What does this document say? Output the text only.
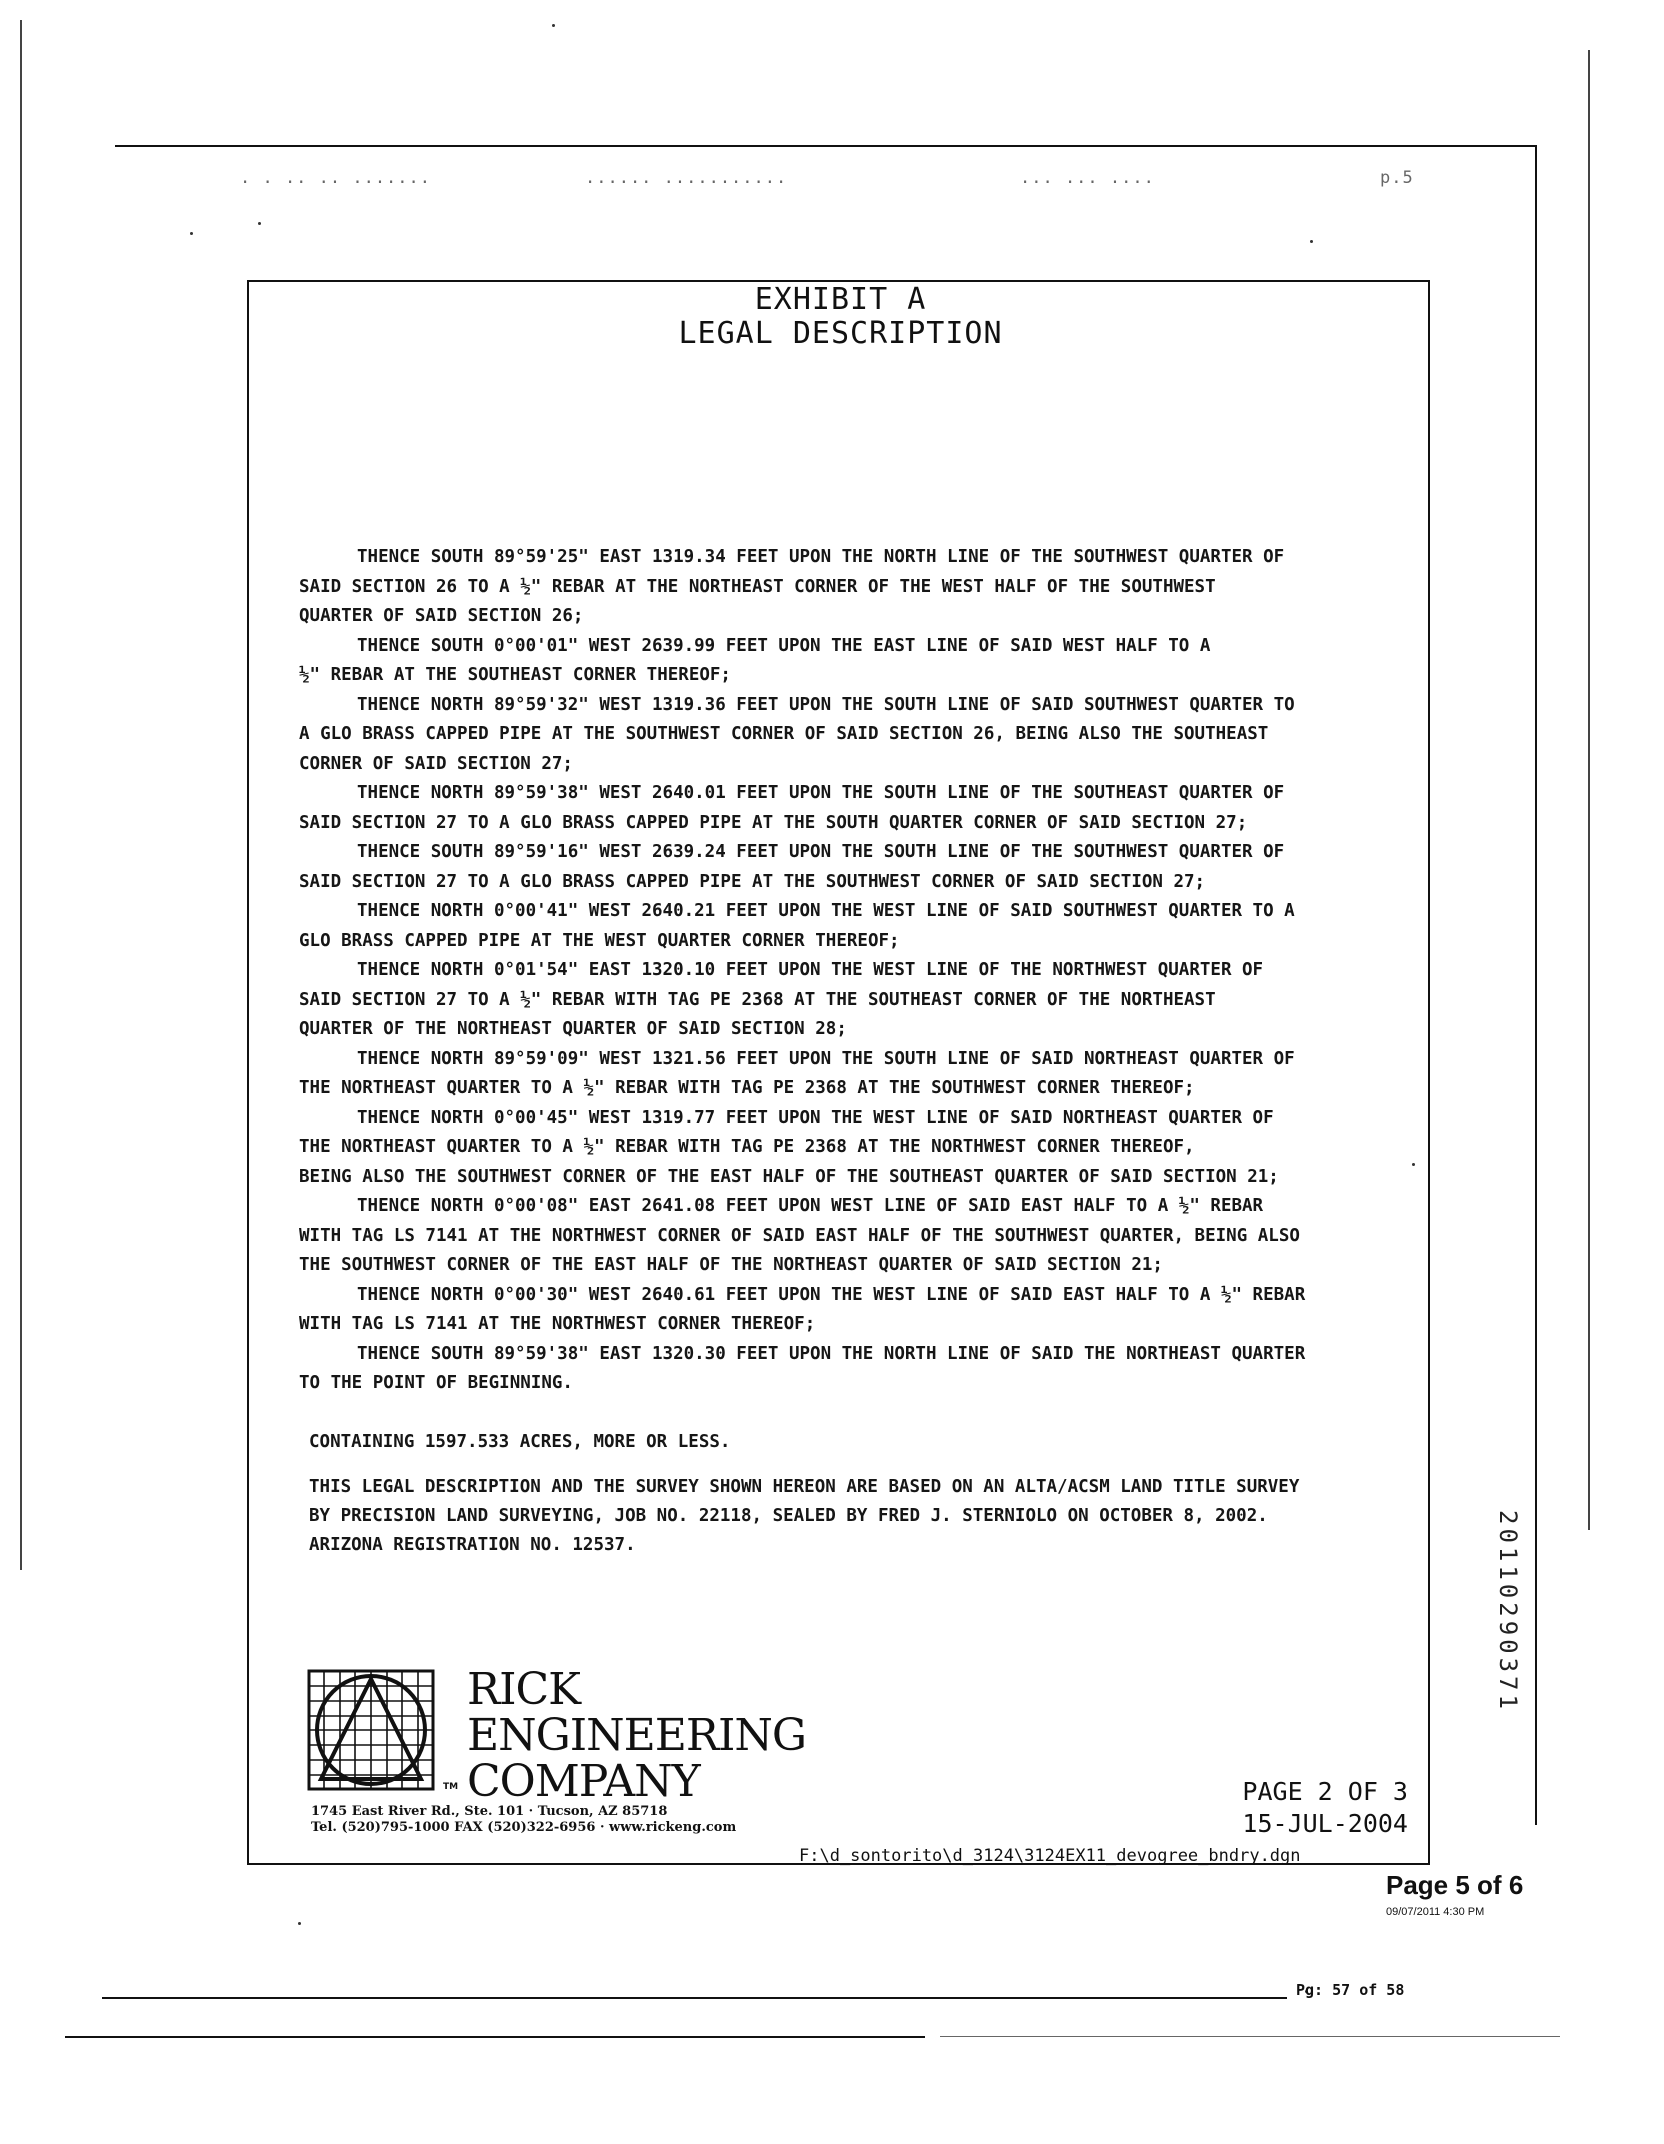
. . .. .. .......	...... ...........	... ... ....	p.5
EXHIBIT A
LEGAL DESCRIPTION
THENCE SOUTH 89°59'25" EAST 1319.34 FEET UPON THE NORTH LINE OF THE SOUTHWEST QUARTER OF
SAID SECTION 26 TO A ½" REBAR AT THE NORTHEAST CORNER OF THE WEST HALF OF THE SOUTHWEST
QUARTER OF SAID SECTION 26;
THENCE SOUTH 0°00'01" WEST 2639.99 FEET UPON THE EAST LINE OF SAID WEST HALF TO A
½" REBAR AT THE SOUTHEAST CORNER THEREOF;
THENCE NORTH 89°59'32" WEST 1319.36 FEET UPON THE SOUTH LINE OF SAID SOUTHWEST QUARTER TO
A GLO BRASS CAPPED PIPE AT THE SOUTHWEST CORNER OF SAID SECTION 26, BEING ALSO THE SOUTHEAST
CORNER OF SAID SECTION 27;
THENCE NORTH 89°59'38" WEST 2640.01 FEET UPON THE SOUTH LINE OF THE SOUTHEAST QUARTER OF
SAID SECTION 27 TO A GLO BRASS CAPPED PIPE AT THE SOUTH QUARTER CORNER OF SAID SECTION 27;
THENCE SOUTH 89°59'16" WEST 2639.24 FEET UPON THE SOUTH LINE OF THE SOUTHWEST QUARTER OF
SAID SECTION 27 TO A GLO BRASS CAPPED PIPE AT THE SOUTHWEST CORNER OF SAID SECTION 27;
THENCE NORTH 0°00'41" WEST 2640.21 FEET UPON THE WEST LINE OF SAID SOUTHWEST QUARTER TO A
GLO BRASS CAPPED PIPE AT THE WEST QUARTER CORNER THEREOF;
THENCE NORTH 0°01'54" EAST 1320.10 FEET UPON THE WEST LINE OF THE NORTHWEST QUARTER OF
SAID SECTION 27 TO A ½" REBAR WITH TAG PE 2368 AT THE SOUTHEAST CORNER OF THE NORTHEAST
QUARTER OF THE NORTHEAST QUARTER OF SAID SECTION 28;
THENCE NORTH 89°59'09" WEST 1321.56 FEET UPON THE SOUTH LINE OF SAID NORTHEAST QUARTER OF
THE NORTHEAST QUARTER TO A ½" REBAR WITH TAG PE 2368 AT THE SOUTHWEST CORNER THEREOF;
THENCE NORTH 0°00'45" WEST 1319.77 FEET UPON THE WEST LINE OF SAID NORTHEAST QUARTER OF
THE NORTHEAST QUARTER TO A ½" REBAR WITH TAG PE 2368 AT THE NORTHWEST CORNER THEREOF,
BEING ALSO THE SOUTHWEST CORNER OF THE EAST HALF OF THE SOUTHEAST QUARTER OF SAID SECTION 21;
THENCE NORTH 0°00'08" EAST 2641.08 FEET UPON WEST LINE OF SAID EAST HALF TO A ½" REBAR
WITH TAG LS 7141 AT THE NORTHWEST CORNER OF SAID EAST HALF OF THE SOUTHWEST QUARTER, BEING ALSO
THE SOUTHWEST CORNER OF THE EAST HALF OF THE NORTHEAST QUARTER OF SAID SECTION 21;
THENCE NORTH 0°00'30" WEST 2640.61 FEET UPON THE WEST LINE OF SAID EAST HALF TO A ½" REBAR
WITH TAG LS 7141 AT THE NORTHWEST CORNER THEREOF;
THENCE SOUTH 89°59'38" EAST 1320.30 FEET UPON THE NORTH LINE OF SAID THE NORTHEAST QUARTER
TO THE POINT OF BEGINNING.
CONTAINING 1597.533 ACRES, MORE OR LESS.
THIS LEGAL DESCRIPTION AND THE SURVEY SHOWN HEREON ARE BASED ON AN ALTA/ACSM LAND TITLE SURVEY
BY PRECISION LAND SURVEYING, JOB NO. 22118, SEALED BY FRED J. STERNIOLO ON OCTOBER 8, 2002.
ARIZONA REGISTRATION NO. 12537.
RICK
ENGINEERING
COMPANY
TM
1745 East River Rd., Ste. 101 · Tucson, AZ 85718
Tel. (520)795-1000 FAX (520)322-6956 · www.rickeng.com
PAGE 2 OF 3
15-JUL-2004
F:\d_sontorito\d_3124\3124EX11_devogree_bndry.dgn
Page 5 of 6
09/07/2011 4:30 PM
Pg: 57 of 58
20110290371
